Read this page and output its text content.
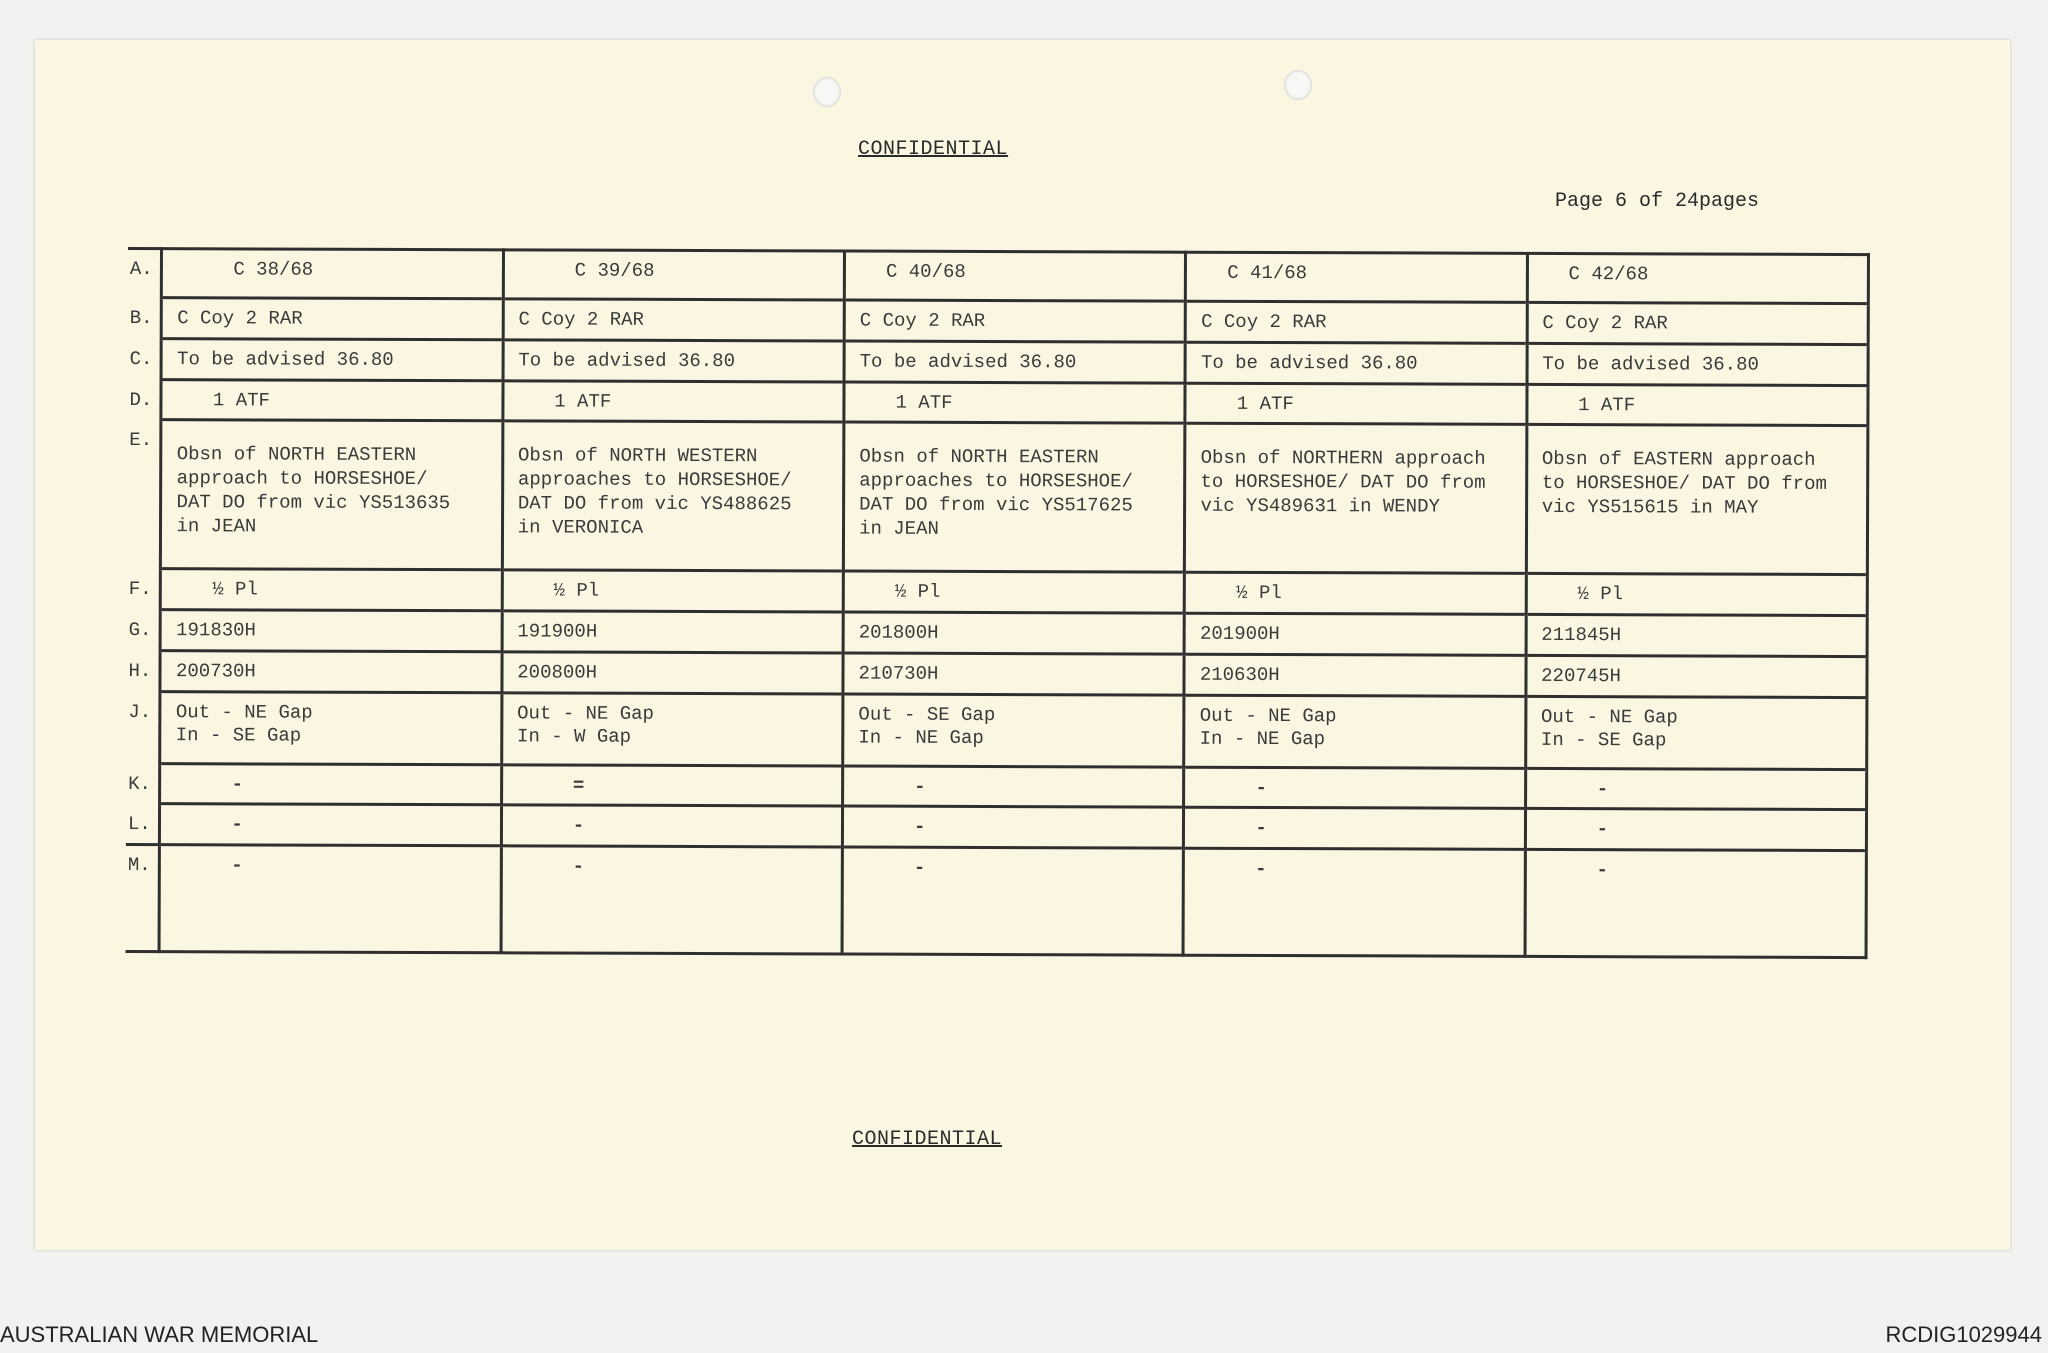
CONFIDENTIAL
Page 6 of 24pages
A.	C 38/68	C 39/68	C 40/68	C 41/68	C 42/68
B.	C Coy 2 RAR	C Coy 2 RAR	C Coy 2 RAR	C Coy 2 RAR	C Coy 2 RAR
C.	To be advised 36.80	To be advised 36.80	To be advised 36.80	To be advised 36.80	To be advised 36.80
D.	1 ATF	1 ATF	1 ATF	1 ATF	1 ATF
E.	Obsn of NORTH EASTERN
approach to HORSESHOE/
DAT DO from vic YS513635
in JEAN	Obsn of NORTH WESTERN
approaches to HORSESHOE/
DAT DO from vic YS488625
in VERONICA	Obsn of NORTH EASTERN
approaches to HORSESHOE/
DAT DO from vic YS517625
in JEAN	Obsn of NORTHERN approach
to HORSESHOE/ DAT DO from
vic YS489631 in WENDY	Obsn of EASTERN approach
to HORSESHOE/ DAT DO from
vic YS515615 in MAY
F.	½ Pl	½ Pl	½ Pl	½ Pl	½ Pl
G.	191830H	191900H	201800H	201900H	211845H
H.	200730H	200800H	210730H	210630H	220745H
J.	Out - NE Gap
In - SE Gap	Out - NE Gap
In - W Gap	Out - SE Gap
In - NE Gap	Out - NE Gap
In - NE Gap	Out - NE Gap
In - SE Gap
K.	-	=	-	-	-
L.	-	-	-	-	-
M.	-	-	-	-	-
CONFIDENTIAL
AUSTRALIAN WAR MEMORIAL	RCDIG1029944
